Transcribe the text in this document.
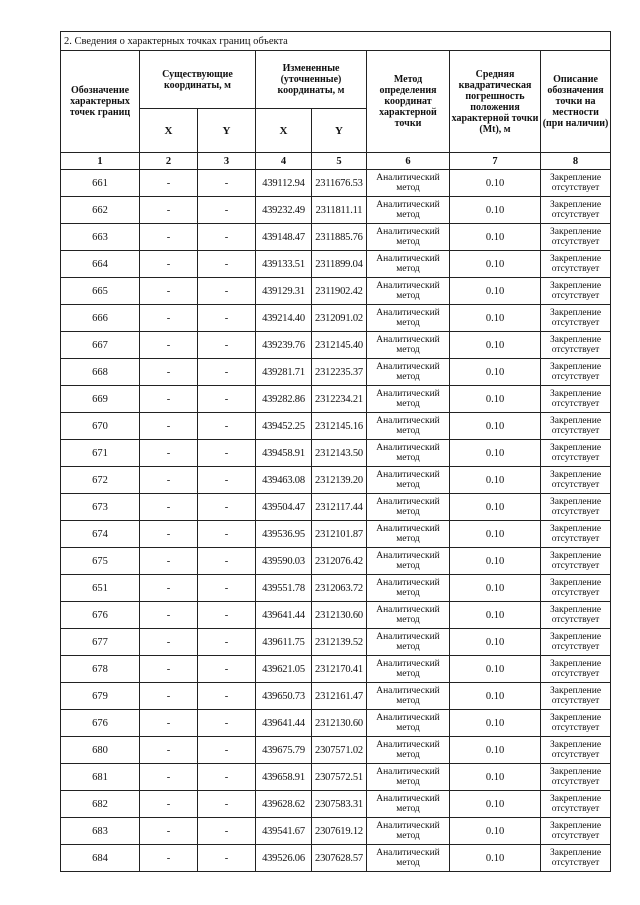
2. Сведения о характерных точках границ объекта							
Обозначение характерных точек границ	Существующие координаты, м		Измененные (уточненные) координаты, м		Метод определения координат характерной точки	Средняя квадратическая погрешность положения характерной точки (Mt), м	Описание обозначения точки на местности (при наличии)
	X	Y	X	Y			
1	2	3	4	5	6	7	8
661	-	-	439112.94	2311676.53	Аналитический метод	0.10	Закрепление отсутствует
662	-	-	439232.49	2311811.11	Аналитический метод	0.10	Закрепление отсутствует
663	-	-	439148.47	2311885.76	Аналитический метод	0.10	Закрепление отсутствует
664	-	-	439133.51	2311899.04	Аналитический метод	0.10	Закрепление отсутствует
665	-	-	439129.31	2311902.42	Аналитический метод	0.10	Закрепление отсутствует
666	-	-	439214.40	2312091.02	Аналитический метод	0.10	Закрепление отсутствует
667	-	-	439239.76	2312145.40	Аналитический метод	0.10	Закрепление отсутствует
668	-	-	439281.71	2312235.37	Аналитический метод	0.10	Закрепление отсутствует
669	-	-	439282.86	2312234.21	Аналитический метод	0.10	Закрепление отсутствует
670	-	-	439452.25	2312145.16	Аналитический метод	0.10	Закрепление отсутствует
671	-	-	439458.91	2312143.50	Аналитический метод	0.10	Закрепление отсутствует
672	-	-	439463.08	2312139.20	Аналитический метод	0.10	Закрепление отсутствует
673	-	-	439504.47	2312117.44	Аналитический метод	0.10	Закрепление отсутствует
674	-	-	439536.95	2312101.87	Аналитический метод	0.10	Закрепление отсутствует
675	-	-	439590.03	2312076.42	Аналитический метод	0.10	Закрепление отсутствует
651	-	-	439551.78	2312063.72	Аналитический метод	0.10	Закрепление отсутствует
676	-	-	439641.44	2312130.60	Аналитический метод	0.10	Закрепление отсутствует
677	-	-	439611.75	2312139.52	Аналитический метод	0.10	Закрепление отсутствует
678	-	-	439621.05	2312170.41	Аналитический метод	0.10	Закрепление отсутствует
679	-	-	439650.73	2312161.47	Аналитический метод	0.10	Закрепление отсутствует
676	-	-	439641.44	2312130.60	Аналитический метод	0.10	Закрепление отсутствует
680	-	-	439675.79	2307571.02	Аналитический метод	0.10	Закрепление отсутствует
681	-	-	439658.91	2307572.51	Аналитический метод	0.10	Закрепление отсутствует
682	-	-	439628.62	2307583.31	Аналитический метод	0.10	Закрепление отсутствует
683	-	-	439541.67	2307619.12	Аналитический метод	0.10	Закрепление отсутствует
684	-	-	439526.06	2307628.57	Аналитический метод	0.10	Закрепление отсутствует
